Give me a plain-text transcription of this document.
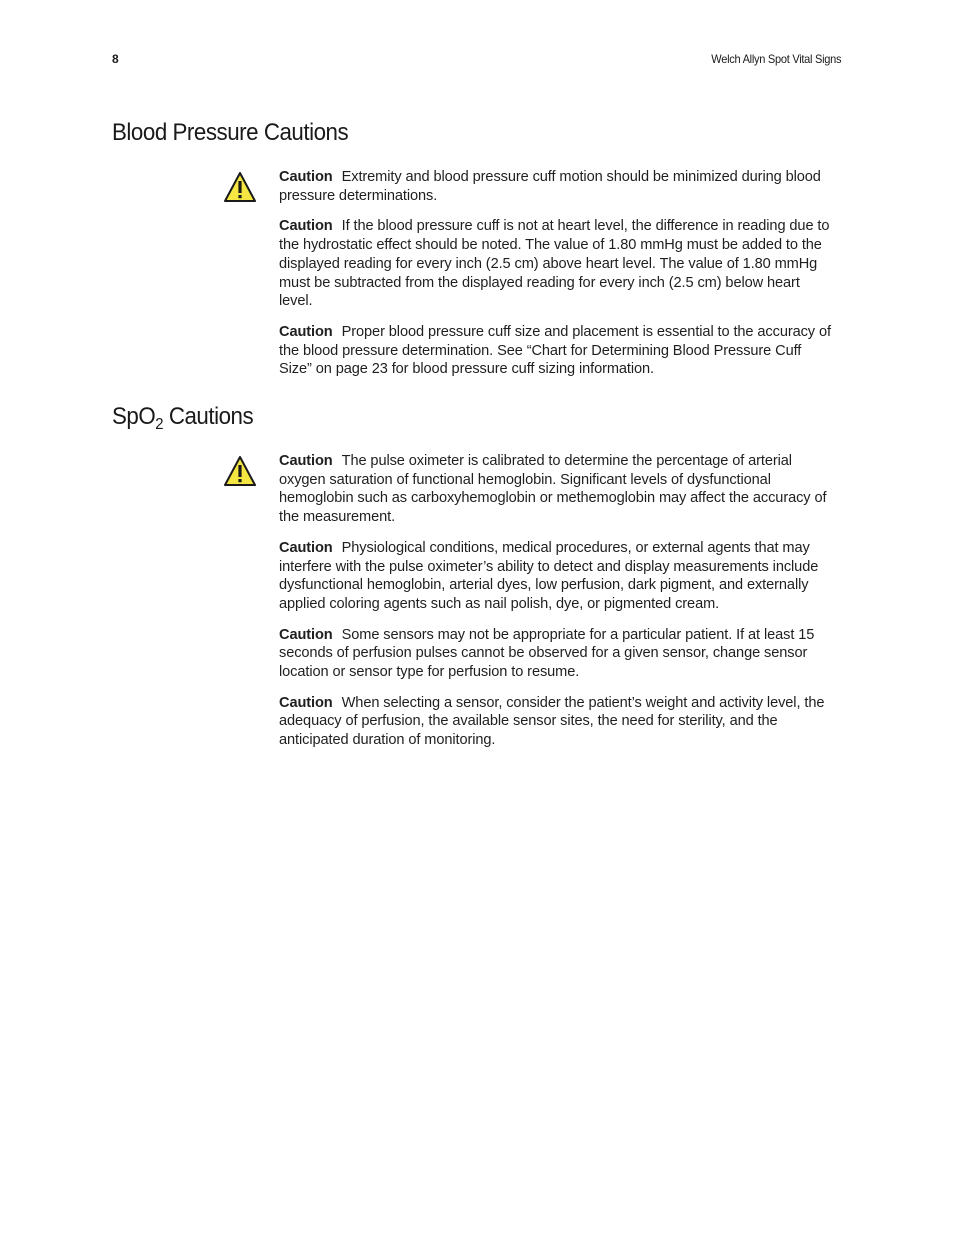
8	Welch Allyn Spot Vital Signs
Blood Pressure Cautions

Caution Extremity and blood pressure cuff motion should be minimized during blood pressure determinations.

Caution If the blood pressure cuff is not at heart level, the difference in reading due to the hydrostatic effect should be noted. The value of 1.80 mmHg must be added to the displayed reading for every inch (2.5 cm) above heart level. The value of 1.80 mmHg must be subtracted from the displayed reading for every inch (2.5 cm) below heart level.

Caution Proper blood pressure cuff size and placement is essential to the accuracy of the blood pressure determination. See “Chart for Determining Blood Pressure Cuff Size” on page 23 for blood pressure cuff sizing information.

SpO$_2$ Cautions

Caution The pulse oximeter is calibrated to determine the percentage of arterial oxygen saturation of functional hemoglobin. Significant levels of dysfunctional hemoglobin such as carboxyhemoglobin or methemoglobin may affect the accuracy of the measurement.

Caution Physiological conditions, medical procedures, or external agents that may interfere with the pulse oximeter’s ability to detect and display measurements include dysfunctional hemoglobin, arterial dyes, low perfusion, dark pigment, and externally applied coloring agents such as nail polish, dye, or pigmented cream.

Caution Some sensors may not be appropriate for a particular patient. If at least 15 seconds of perfusion pulses cannot be observed for a given sensor, change sensor location or sensor type for perfusion to resume.

Caution When selecting a sensor, consider the patient’s weight and activity level, the adequacy of perfusion, the available sensor sites, the need for sterility, and the anticipated duration of monitoring.
